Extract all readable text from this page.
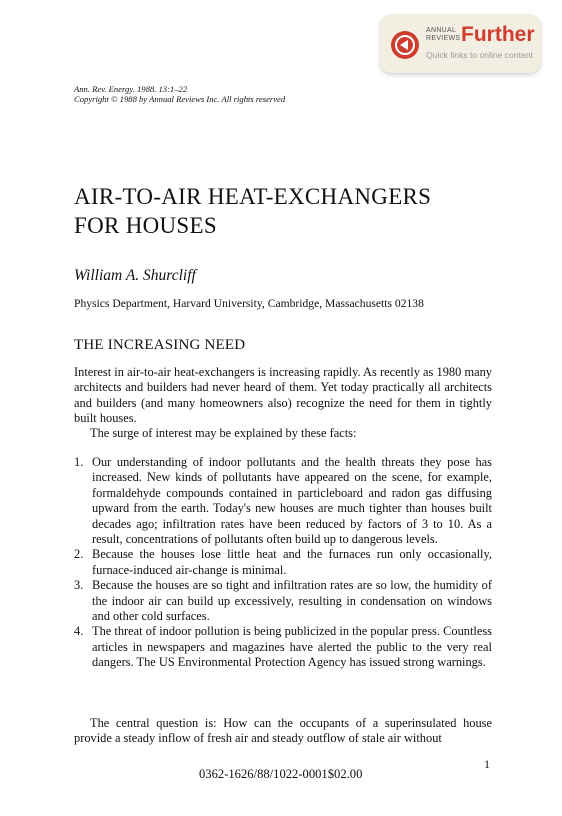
ANNUAL
REVIEWS Further
Quick links to online content
Ann. Rev. Energy. 1988. 13:1–22
Copyright © 1988 by Annual Reviews Inc. All rights reserved
AIR-TO-AIR HEAT-EXCHANGERS
FOR HOUSES
William A. Shurcliff
Physics Department, Harvard University, Cambridge, Massachusetts 02138
THE INCREASING NEED

Interest in air-to-air heat-exchangers is increasing rapidly. As recently as 1980 many architects and builders had never heard of them. Yet today practically all architects and builders (and many homeowners also) recognize the need for them in tightly built houses.

The surge of interest may be explained by these facts:

1. Our understanding of indoor pollutants and the health threats they pose has increased. New kinds of pollutants have appeared on the scene, for example, formaldehyde compounds contained in particleboard and radon gas diffusing upward from the earth. Today's new houses are much tighter than houses built decades ago; infiltration rates have been reduced by factors of 3 to 10. As a result, concentrations of pollutants often build up to dangerous levels.
2. Because the houses lose little heat and the furnaces run only occasionally, furnace-induced air-change is minimal.
3. Because the houses are so tight and infiltration rates are so low, the humidity of the indoor air can build up excessively, resulting in condensation on windows and other cold surfaces.
4. The threat of indoor pollution is being publicized in the popular press. Countless articles in newspapers and magazines have alerted the public to the very real dangers. The US Environmental Protection Agency has issued strong warnings.

The central question is: How can the occupants of a superinsulated house provide a steady inflow of fresh air and steady outflow of stale air without

1
0362-1626/88/1022-0001$02.00
